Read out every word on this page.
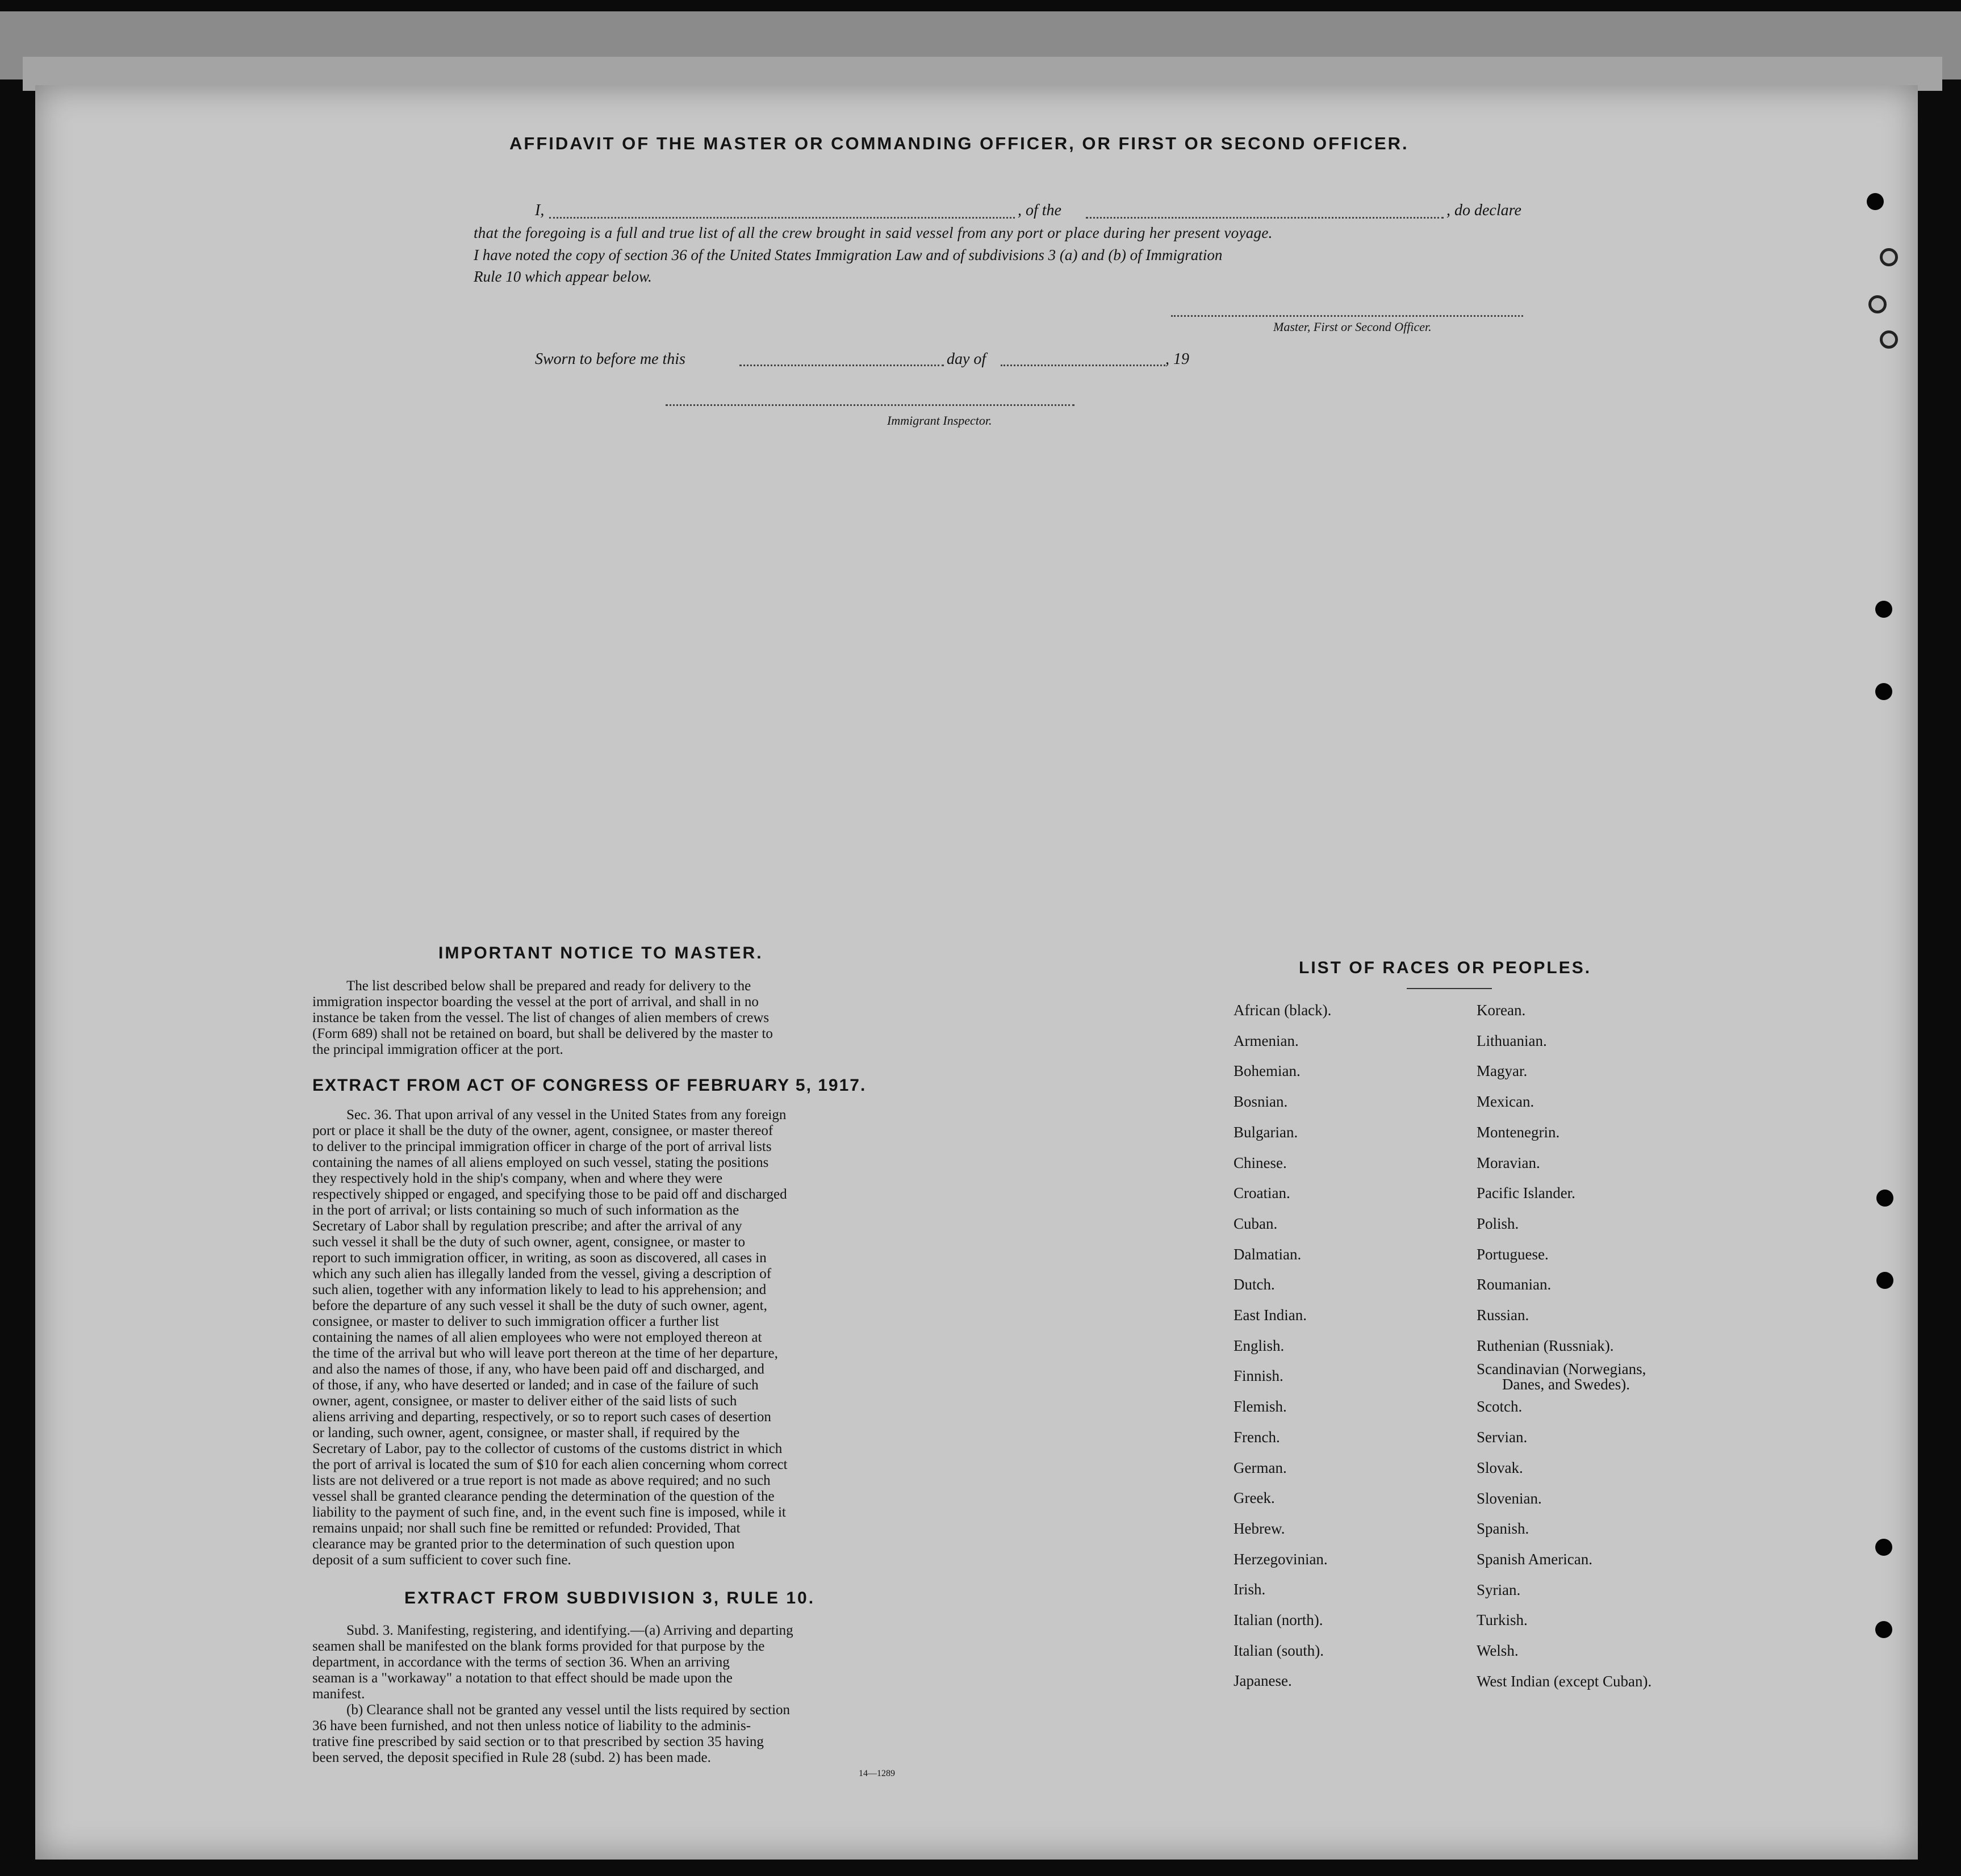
AFFIDAVIT OF THE MASTER OR COMMANDING OFFICER, OR FIRST OR SECOND OFFICER.
I,	, of the	, do declare
that the foregoing is a full and true list of all the crew brought in said vessel from any port or place during her present voyage.
I have noted the copy of section 36 of the United States Immigration Law and of subdivisions 3 (a) and (b) of Immigration
Rule 10 which appear below.
Master, First or Second Officer.
Sworn to before me this	day of	, 19
Immigrant Inspector.
IMPORTANT NOTICE TO MASTER.
The list described below shall be prepared and ready for delivery to the
immigration inspector boarding the vessel at the port of arrival, and shall in no
instance be taken from the vessel. The list of changes of alien members of crews
(Form 689) shall not be retained on board, but shall be delivered by the master to
the principal immigration officer at the port.
EXTRACT FROM ACT OF CONGRESS OF FEBRUARY 5, 1917.
Sec. 36. That upon arrival of any vessel in the United States from any foreign
port or place it shall be the duty of the owner, agent, consignee, or master thereof
to deliver to the principal immigration officer in charge of the port of arrival lists
containing the names of all aliens employed on such vessel, stating the positions
they respectively hold in the ship's company, when and where they were
respectively shipped or engaged, and specifying those to be paid off and discharged
in the port of arrival; or lists containing so much of such information as the
Secretary of Labor shall by regulation prescribe; and after the arrival of any
such vessel it shall be the duty of such owner, agent, consignee, or master to
report to such immigration officer, in writing, as soon as discovered, all cases in
which any such alien has illegally landed from the vessel, giving a description of
such alien, together with any information likely to lead to his apprehension; and
before the departure of any such vessel it shall be the duty of such owner, agent,
consignee, or master to deliver to such immigration officer a further list
containing the names of all alien employees who were not employed thereon at
the time of the arrival but who will leave port thereon at the time of her departure,
and also the names of those, if any, who have been paid off and discharged, and
of those, if any, who have deserted or landed; and in case of the failure of such
owner, agent, consignee, or master to deliver either of the said lists of such
aliens arriving and departing, respectively, or so to report such cases of desertion
or landing, such owner, agent, consignee, or master shall, if required by the
Secretary of Labor, pay to the collector of customs of the customs district in which
the port of arrival is located the sum of $10 for each alien concerning whom correct
lists are not delivered or a true report is not made as above required; and no such
vessel shall be granted clearance pending the determination of the question of the
liability to the payment of such fine, and, in the event such fine is imposed, while it
remains unpaid; nor shall such fine be remitted or refunded: Provided, That
clearance may be granted prior to the determination of such question upon
deposit of a sum sufficient to cover such fine.
EXTRACT FROM SUBDIVISION 3, RULE 10.
Subd. 3. Manifesting, registering, and identifying.—(a) Arriving and departing
seamen shall be manifested on the blank forms provided for that purpose by the
department, in accordance with the terms of section 36. When an arriving
seaman is a "workaway" a notation to that effect should be made upon the
manifest.
(b) Clearance shall not be granted any vessel until the lists required by section
36 have been furnished, and not then unless notice of liability to the adminis-
trative fine prescribed by said section or to that prescribed by section 35 having
been served, the deposit specified in Rule 28 (subd. 2) has been made.
14—1289
LIST OF RACES OR PEOPLES.
African (black).
Armenian.
Bohemian.
Bosnian.
Bulgarian.
Chinese.
Croatian.
Cuban.
Dalmatian.
Dutch.
East Indian.
English.
Finnish.
Flemish.
French.
German.
Greek.
Hebrew.
Herzegovinian.
Irish.
Italian (north).
Italian (south).
Japanese.
Korean.
Lithuanian.
Magyar.
Mexican.
Montenegrin.
Moravian.
Pacific Islander.
Polish.
Portuguese.
Roumanian.
Russian.
Ruthenian (Russniak).
Scandinavian (Norwegians,
Danes, and Swedes).
Scotch.
Servian.
Slovak.
Slovenian.
Spanish.
Spanish American.
Syrian.
Turkish.
Welsh.
West Indian (except Cuban).
